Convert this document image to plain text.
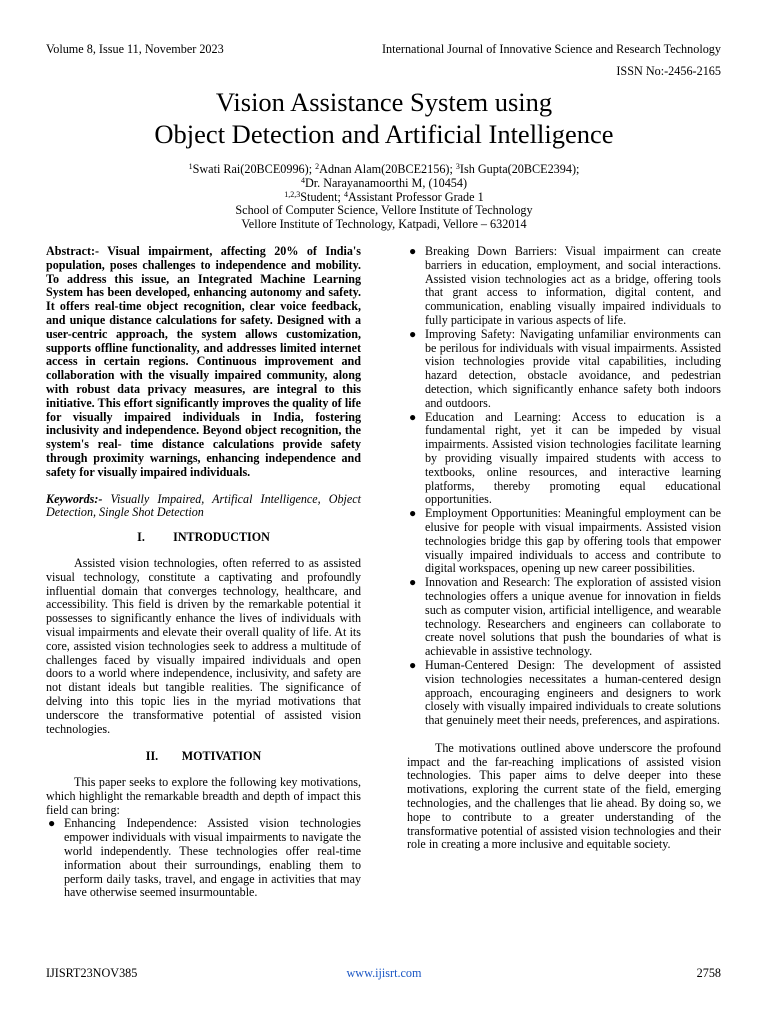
Volume 8, Issue 11, November 2023	International Journal of Innovative Science and Research Technology
ISSN No:-2456-2165
Vision Assistance System using
Object Detection and Artificial Intelligence
$^1$Swati Rai(20BCE0996); $^2$Adnan Alam(20BCE2156); $^3$Ish Gupta(20BCE2394);
$^4$Dr. Narayanamoorthi M, (10454)
$^{1,2,3}$Student; $^4$Assistant Professor Grade 1
School of Computer Science, Vellore Institute of Technology
Vellore Institute of Technology, Katpadi, Vellore – 632014

Abstract:- Visual impairment, affecting 20% of India's population, poses challenges to independence and mobility. To address this issue, an Integrated Machine Learning System has been developed, enhancing autonomy and safety. It offers real-time object recognition, clear voice feedback, and unique distance calculations for safety. Designed with a user-centric approach, the system allows customization, supports offline functionality, and addresses limited internet access in certain regions. Continuous improvement and collaboration with the visually impaired community, along with robust data privacy measures, are integral to this initiative. This effort significantly improves the quality of life for visually impaired individuals in India, fostering inclusivity and independence. Beyond object recognition, the system's real- time distance calculations provide safety through proximity warnings, enhancing independence and safety for visually impaired individuals.

Keywords:- Visually Impaired, Artifical Intelligence, Object Detection, Single Shot Detection

I. INTRODUCTION

Assisted vision technologies, often referred to as assisted visual technology, constitute a captivating and profoundly influential domain that converges technology, healthcare, and accessibility. This field is driven by the remarkable potential it possesses to significantly enhance the lives of individuals with visual impairments and elevate their overall quality of life. At its core, assisted vision technologies seek to address a multitude of challenges faced by visually impaired individuals and open doors to a world where independence, inclusivity, and safety are not distant ideals but tangible realities. The significance of delving into this topic lies in the myriad motivations that underscore the transformative potential of assisted vision technologies.

II. MOTIVATION

This paper seeks to explore the following key motivations, which highlight the remarkable breadth and depth of impact this field can bring:

● Enhancing Independence: Assisted vision technologies empower individuals with visual impairments to navigate the world independently. These technologies offer real-time information about their surroundings, enabling them to perform daily tasks, travel, and engage in activities that may have otherwise seemed insurmountable.
● Breaking Down Barriers: Visual impairment can create barriers in education, employment, and social interactions. Assisted vision technologies act as a bridge, offering tools that grant access to information, digital content, and communication, enabling visually impaired individuals to fully participate in various aspects of life.
● Improving Safety: Navigating unfamiliar environments can be perilous for individuals with visual impairments. Assisted vision technologies provide vital capabilities, including hazard detection, obstacle avoidance, and pedestrian detection, which significantly enhance safety both indoors and outdoors.
● Education and Learning: Access to education is a fundamental right, yet it can be impeded by visual impairments. Assisted vision technologies facilitate learning by providing visually impaired students with access to textbooks, online resources, and interactive learning platforms, thereby promoting equal educational opportunities.
● Employment Opportunities: Meaningful employment can be elusive for people with visual impairments. Assisted vision technologies bridge this gap by offering tools that empower visually impaired individuals to access and contribute to digital workspaces, opening up new career possibilities.
● Innovation and Research: The exploration of assisted vision technologies offers a unique avenue for innovation in fields such as computer vision, artificial intelligence, and wearable technology. Researchers and engineers can collaborate to create novel solutions that push the boundaries of what is achievable in assistive technology.
● Human-Centered Design: The development of assisted vision technologies necessitates a human-centered design approach, encouraging engineers and designers to work closely with visually impaired individuals to create solutions that genuinely meet their needs, preferences, and aspirations.

The motivations outlined above underscore the profound impact and the far-reaching implications of assisted vision technologies. This paper aims to delve deeper into these motivations, exploring the current state of the field, emerging technologies, and the challenges that lie ahead. By doing so, we hope to contribute to a greater understanding of the transformative potential of assisted vision technologies and their role in creating a more inclusive and equitable society.

IJISRT23NOV385	www.ijisrt.com	2758
